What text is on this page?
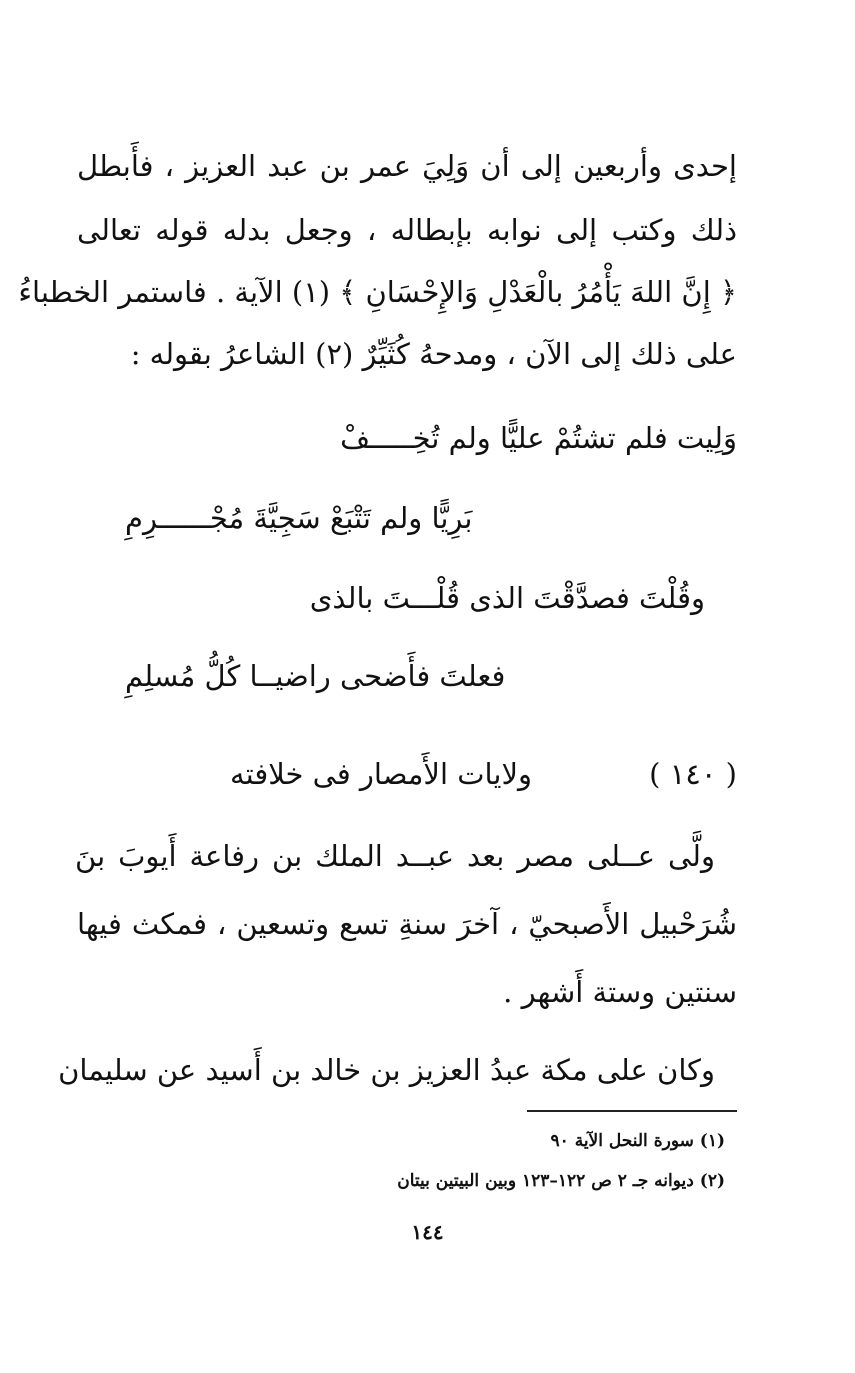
إحدى وأربعين إلى أن وَلِيَ عمر بن عبد العزيز ، فأَبطل
ذلك وكتب إلى نوابه بإبطاله ، وجعل بدله قوله تعالى
﴿ إِنَّ اللهَ يَأْمُرُ بالْعَدْلِ وَالإِحْسَانِ ﴾ (١) الآية . فاستمر الخطباءُ
على ذلك إلى الآن ، ومدحهُ كُثَيِّرٌ (٢) الشاعرُ بقوله :
وَلِيت فلم تشتُمْ عليًّا ولم تُخِـــــفْ
بَرِيًّا ولم تَتْبَعْ سَجِيَّةَ مُجْــــــرِمِ
وقُلْتَ فصدَّقْتَ الذى قُلْـــتَ بالذى
فعلتَ فأَضحى راضيــا كُلُّ مُسلِمِ
( ١٤٠ )
ولايات الأَمصار فى خلافته
ولَّى عــلى مصر بعد عبــد الملك بن رفاعة أَيوبَ بنَ
شُرَحْبيل الأَصبحيّ ، آخرَ سنةِ تسع وتسعين ، فمكث فيها
سنتين وستة أَشهر .
وكان على مكة عبدُ العزيز بن خالد بن أَسيد عن سليمان
(١) سورة النحل الآية ٩٠
(٢) ديوانه جـ ٢ ص ١٢٢–١٢٣ وبين البيتين بيتان
١٤٤
